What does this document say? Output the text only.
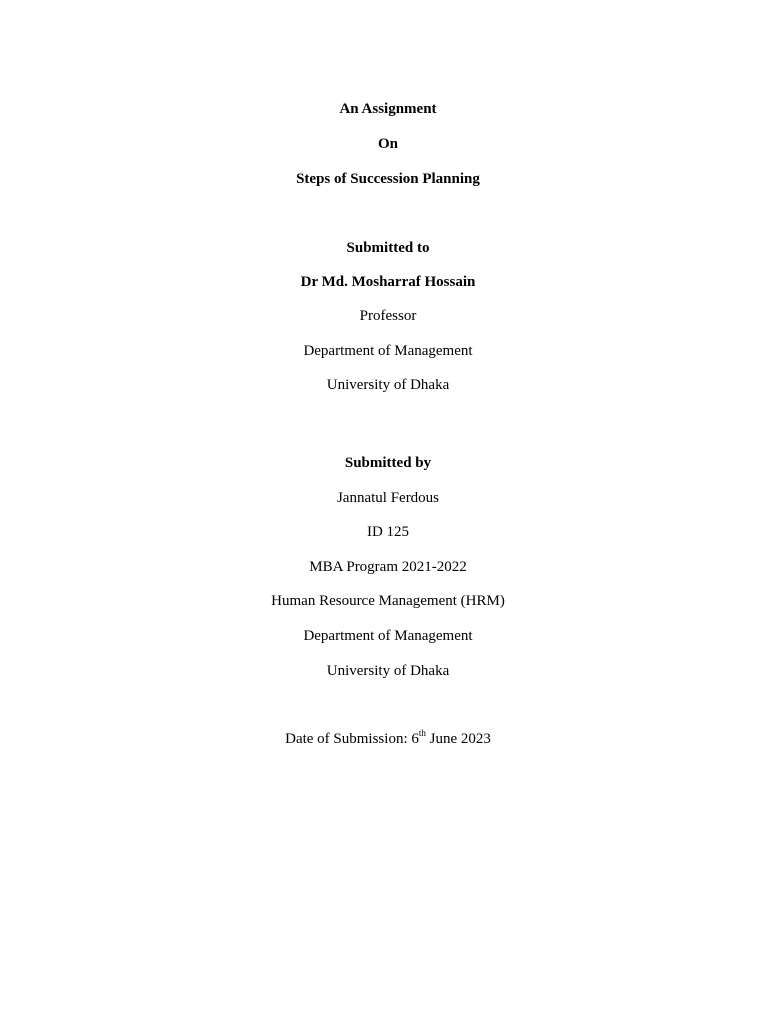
An Assignment
On
Steps of Succession Planning
Submitted to
Dr Md. Mosharraf Hossain
Professor
Department of Management
University of Dhaka
Submitted by
Jannatul Ferdous
ID 125
MBA Program 2021-2022
Human Resource Management (HRM)
Department of Management
University of Dhaka
Date of Submission: 6th June 2023
